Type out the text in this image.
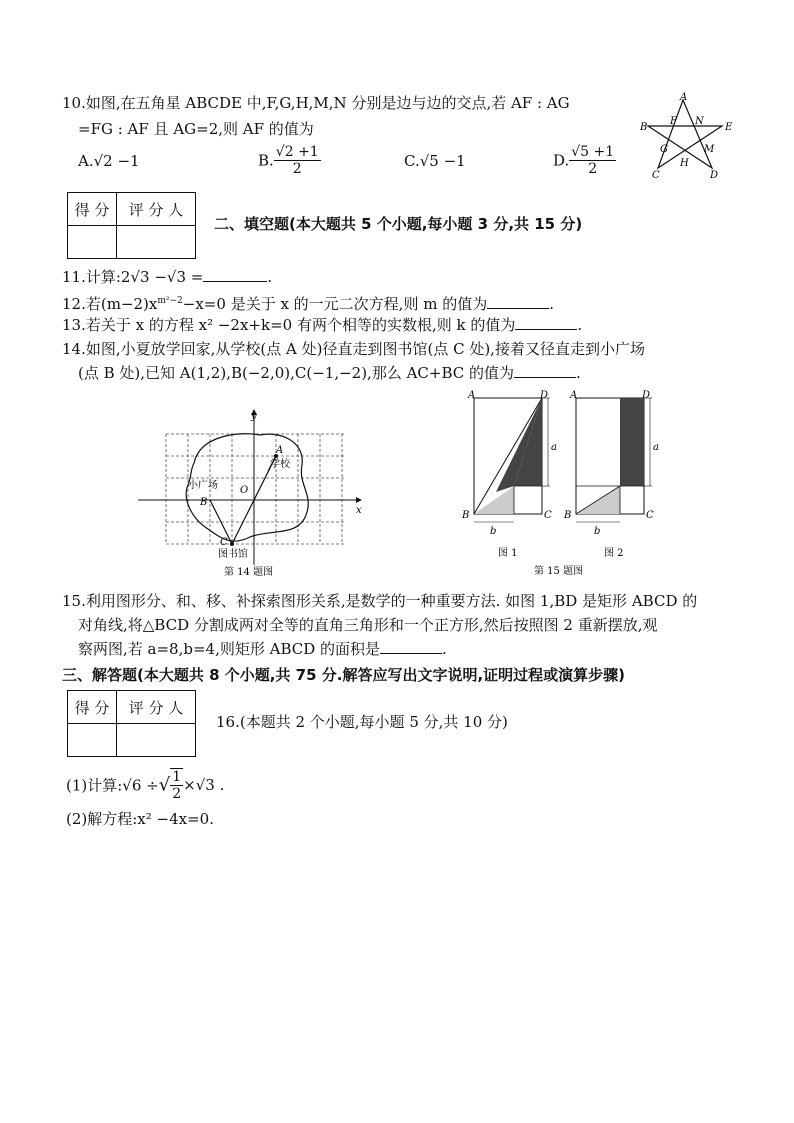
10.如图,在五角星 ABCDE 中,F,G,H,M,N 分别是边与边的交点,若 AF : AG
=FG : AF 且 AG=2,则 AF 的值为
A.√2 −1	B. $\frac{√2 +1}{2}$	C.√5 −1	D. $\frac{√5 +1}{2}$
A
B	E
C	D
F N
G	M
H
得 分	评 分 人

二、填空题(本大题共 5 个小题,每小题 3 分,共 15 分)
11.计算:2√3 −√3 =	.
12.若$(m-2)x^{m^2-2}-x=0$ 是关于 x 的一元二次方程,则 m 的值为	.
13.若关于 x 的方程 x² −2x+k=0 有两个相等的实数根,则 k 的值为	.
14.如图,小夏放学回家,从学校(点 A 处)径直走到图书馆(点 C 处),接着又径直走到小广场
(点 B 处),已知 A(1,2),B(−2,0),C(−1,−2),那么 AC+BC 的值为	.
y
x
O
A
B
C
学校
小广场
图书馆
第 14 题图
A	D
B	C
a
b
图 1
A	D
B	C
a
b
图 2
第 15 题图
15.利用图形分、和、移、补探索图形关系,是数学的一种重要方法. 如图 1,BD 是矩形 ABCD 的
对角线,将△BCD 分割成两对全等的直角三角形和一个正方形,然后按照图 2 重新摆放,观
察两图,若 a=8,b=4,则矩形 ABCD 的面积是	.
三、解答题(本大题共 8 个小题,共 75 分.解答应写出文字说明,证明过程或演算步骤)
得 分	评 分 人

16.(本题共 2 个小题,每小题 5 分,共 10 分)
(1)计算:√6 ÷√ $\frac{1}{2} \times√3$ .
(2)解方程:x² −4x=0.
